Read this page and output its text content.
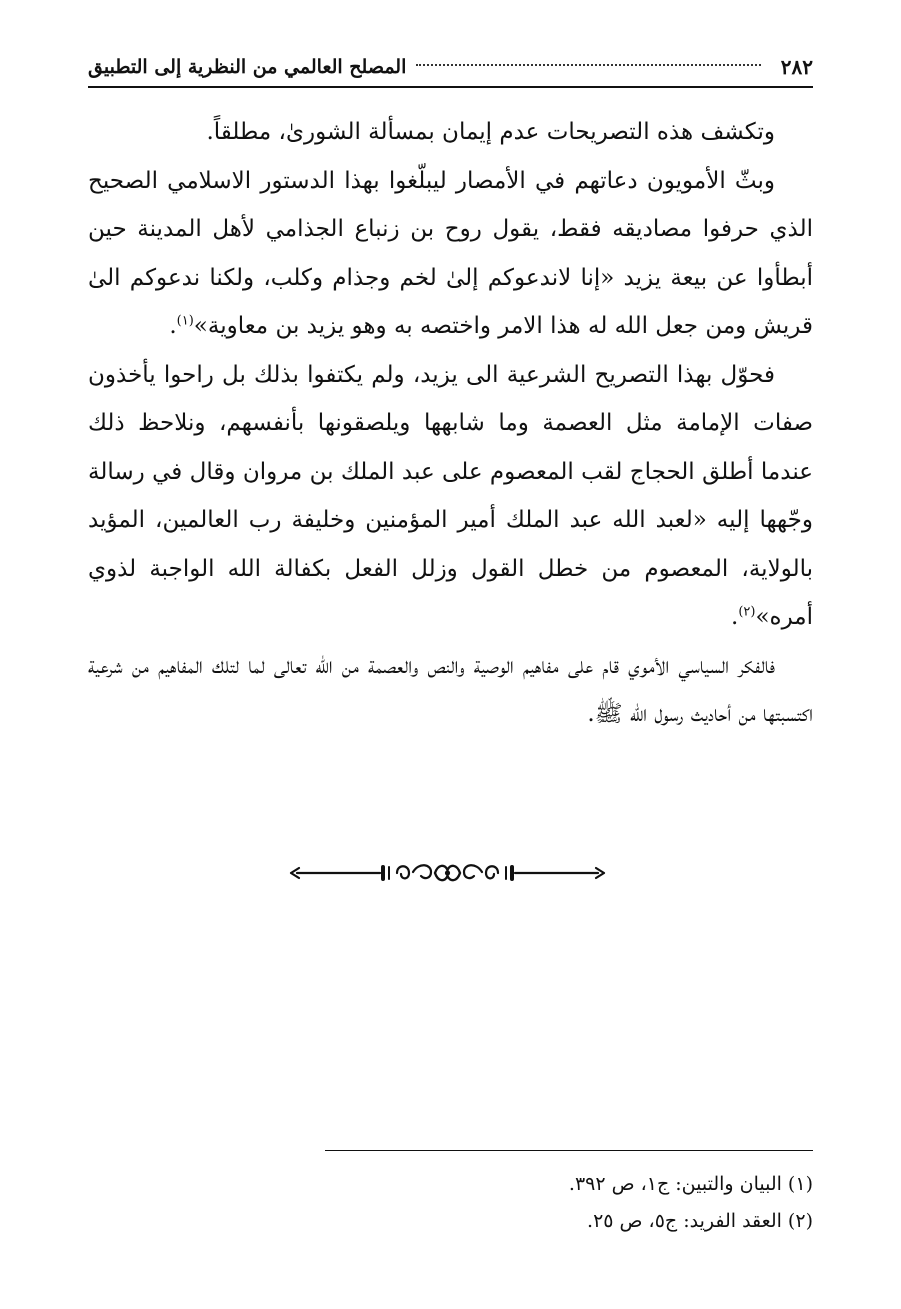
٢٨٢
المصلح العالمي من النظرية إلى التطبيق

وتكشف هذه التصريحات عدم إيمان بمسألة الشورىٰ، مطلقاً.

وبثّ الأمويون دعاتهم في الأمصار ليبلّغوا بهذا الدستور الاسلامي الصحيح الذي حرفوا مصاديقه فقط، يقول روح بن زنباع الجذامي لأهل المدينة حين أبطأوا عن بيعة يزيد «إنا لاندعوكم إلىٰ لخم وجذام وكلب، ولكنا ندعوكم الىٰ قريش ومن جعل الله له هذا الامر واختصه به وهو يزيد بن معاوية»$^{(١)}$.

فحوّل بهذا التصريح الشرعية الى يزيد، ولم يكتفوا بذلك بل راحوا يأخذون صفات الإمامة مثل العصمة وما شابهها ويلصقونها بأنفسهم، ونلاحظ ذلك عندما أطلق الحجاج لقب المعصوم على عبد الملك بن مروان وقال في رسالة وجّهها إليه «لعبد الله عبد الملك أمير المؤمنين وخليفة رب العالمين، المؤيد بالولاية، المعصوم من خطل القول وزلل الفعل بكفالة الله الواجبة لذوي أمره»$^{(٢)}$.

فالفكر السياسي الأموي قام على مفاهيم الوصية والنص والعصمة من الله تعالى لما لتلك المفاهيم من شرعية اكتسبتها من أحاديث رسول الله ﷺ.

(١) البيان والتبين: ج١، ص ٣٩٢.

(٢) العقد الفريد: ج٥، ص ٢٥.
